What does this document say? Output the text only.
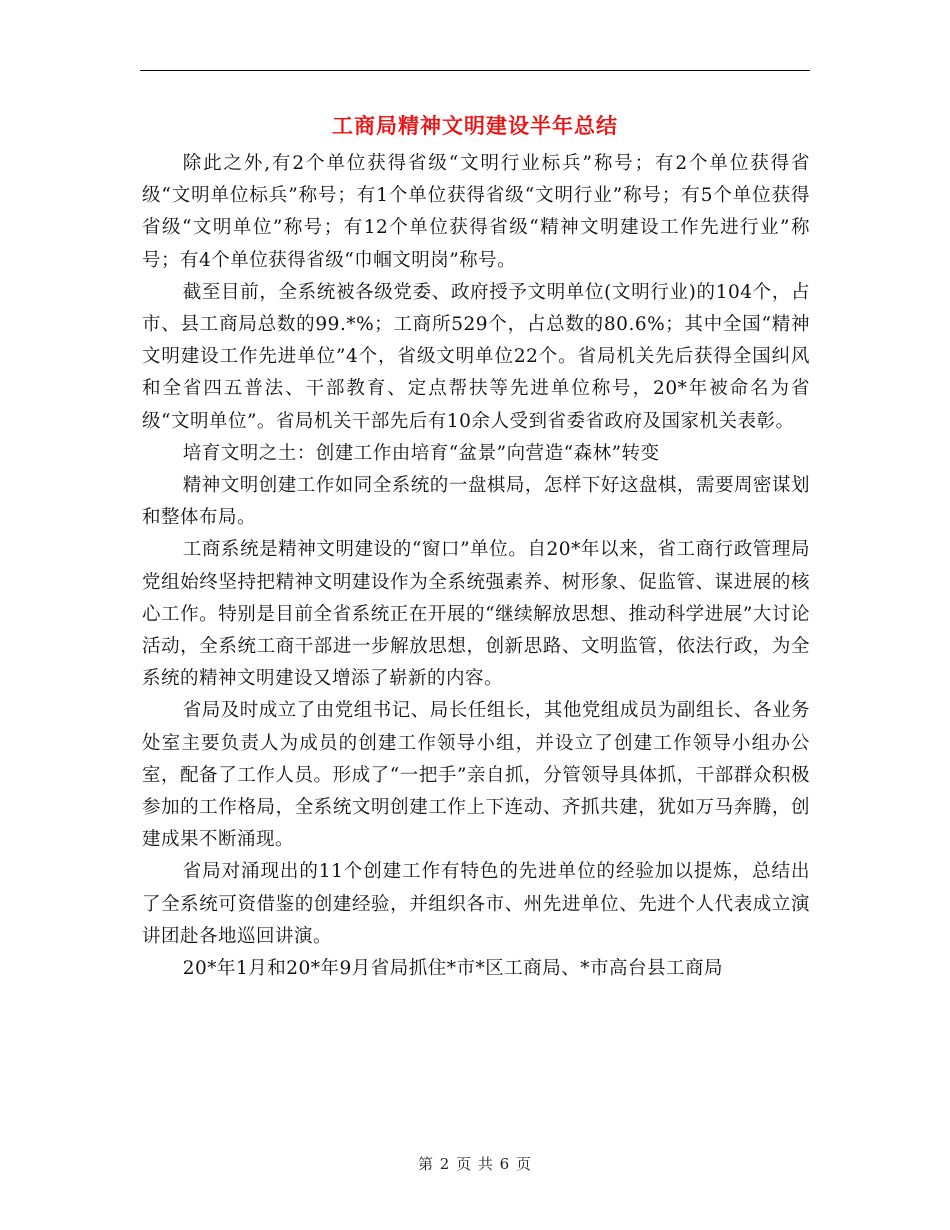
工商局精神文明建设半年总结

除此之外,有2个单位获得省级“文明行业标兵”称号；有2个单位获得省级“文明单位标兵”称号；有1个单位获得省级“文明行业”称号；有5个单位获得省级“文明单位”称号；有12个单位获得省级“精神文明建设工作先进行业”称号；有4个单位获得省级“巾帼文明岗”称号。

截至目前，全系统被各级党委、政府授予文明单位(文明行业)的104个，占市、县工商局总数的99.*%；工商所529个，占总数的80.6%；其中全国“精神文明建设工作先进单位”4个，省级文明单位22个。省局机关先后获得全国纠风和全省四五普法、干部教育、定点帮扶等先进单位称号，20*年被命名为省级“文明单位”。省局机关干部先后有10余人受到省委省政府及国家机关表彰。

培育文明之土：创建工作由培育“盆景”向营造“森林”转变

精神文明创建工作如同全系统的一盘棋局，怎样下好这盘棋，需要周密谋划和整体布局。

工商系统是精神文明建设的“窗口”单位。自20*年以来，省工商行政管理局党组始终坚持把精神文明建设作为全系统强素养、树形象、促监管、谋进展的核心工作。特别是目前全省系统正在开展的“继续解放思想、推动科学进展”大讨论活动，全系统工商干部进一步解放思想，创新思路、文明监管，依法行政，为全系统的精神文明建设又增添了崭新的内容。

省局及时成立了由党组书记、局长任组长，其他党组成员为副组长、各业务处室主要负责人为成员的创建工作领导小组，并设立了创建工作领导小组办公室，配备了工作人员。形成了“一把手”亲自抓，分管领导具体抓，干部群众积极参加的工作格局，全系统文明创建工作上下连动、齐抓共建，犹如万马奔腾，创建成果不断涌现。

省局对涌现出的11个创建工作有特色的先进单位的经验加以提炼，总结出了全系统可资借鉴的创建经验，并组织各市、州先进单位、先进个人代表成立演讲团赴各地巡回讲演。

20*年1月和20*年9月省局抓住*市*区工商局、*市高台县工商局

第 2 页 共 6 页
